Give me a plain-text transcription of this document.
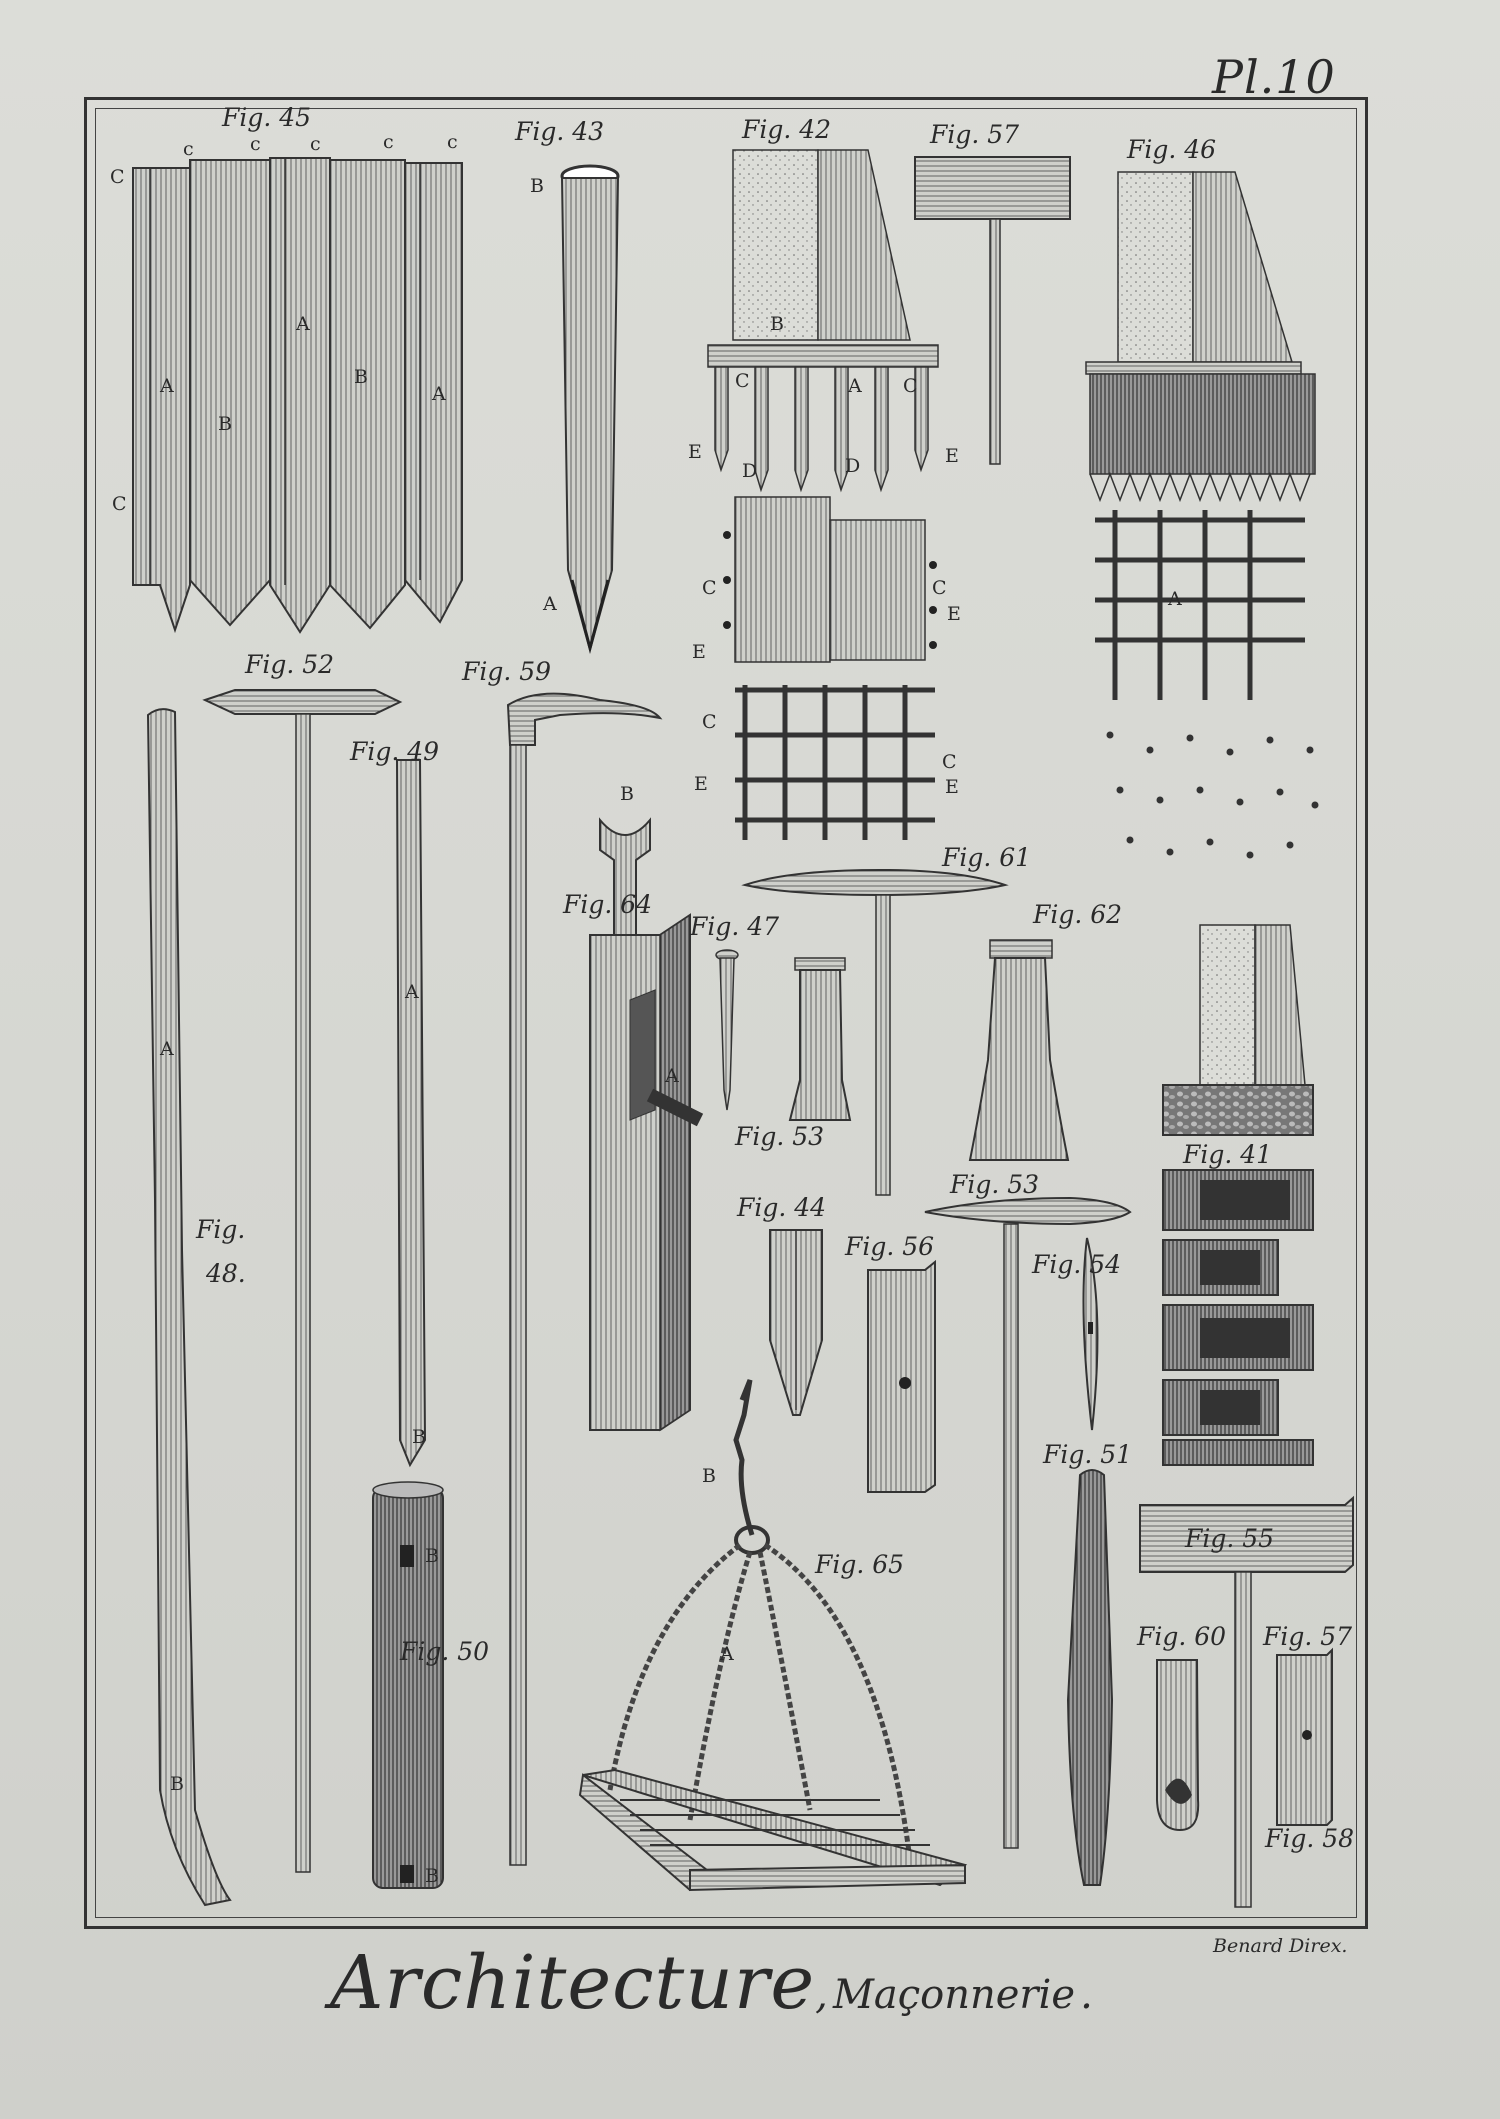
Pl.10
Fig. 45	Fig. 43	Fig. 42	Fig. 57
Fig. 46
Fig. 52	Fig. 59
Fig. 49
Fig.
48.
Fig. 64
Fig. 61
Fig. 47	Fig. 62
Fig. 53
Fig. 41
Fig. 53
Fig. 44
Fig. 56
Fig. 54
Fig. 51
Fig. 55
Fig. 65
Fig. 50
Fig. 60 Fig. 57
Fig. 58
C
c	c	c	c	c
A
B
A
B
A
C
B
A
B
C	A C
E
D	D	E
C	C
E
E
C
C
E	E
A
A
B
A
B
B
B
B
A
B
A
Benard Direx.
Architecture, Maçonnerie .
